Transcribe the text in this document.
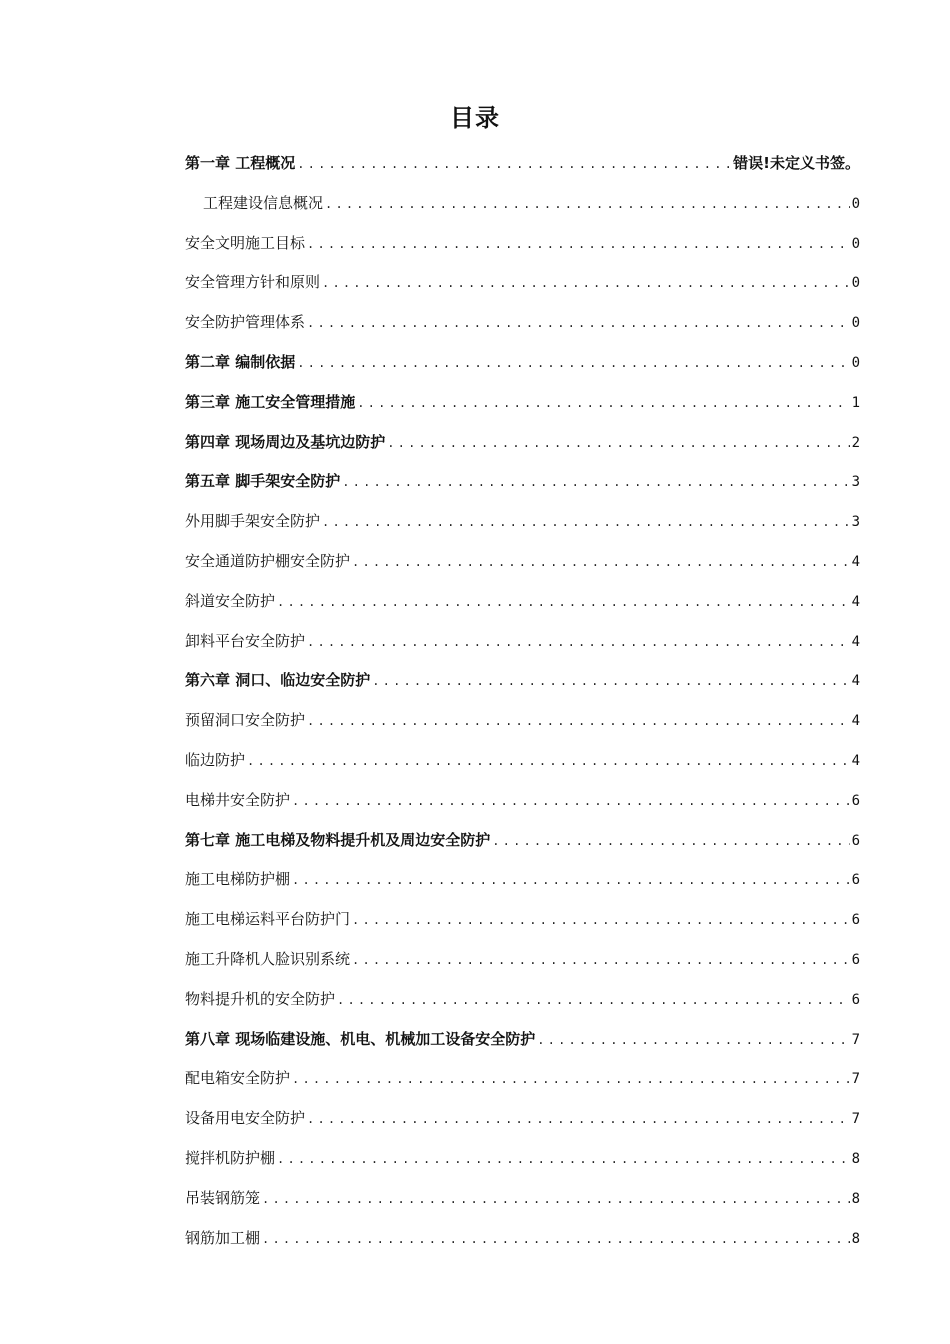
目录
第一章 工程概况 .....	错误!未定义书签。
工程建设信息概况 .....	0
安全文明施工目标 .....	0
安全管理方针和原则 .....	0
安全防护管理体系 .....	0
第二章 编制依据 .....	0
第三章 施工安全管理措施 .....	1
第四章 现场周边及基坑边防护 .....	2
第五章 脚手架安全防护 .....	3
外用脚手架安全防护 .....	3
安全通道防护棚安全防护 .....	4
斜道安全防护 .....	4
卸料平台安全防护 .....	4
第六章 洞口、临边安全防护 .....	4
预留洞口安全防护 .....	4
临边防护 .....	4
电梯井安全防护 .....	6
第七章 施工电梯及物料提升机及周边安全防护 .....	6
施工电梯防护棚 .....	6
施工电梯运料平台防护门 .....	6
施工升降机人脸识别系统 .....	6
物料提升机的安全防护 .....	6
第八章 现场临建设施、机电、机械加工设备安全防护 .....	7
配电箱安全防护 .....	7
设备用电安全防护 .....	7
搅拌机防护棚 .....	8
吊装钢筋笼 .....	8
钢筋加工棚 .....	8
